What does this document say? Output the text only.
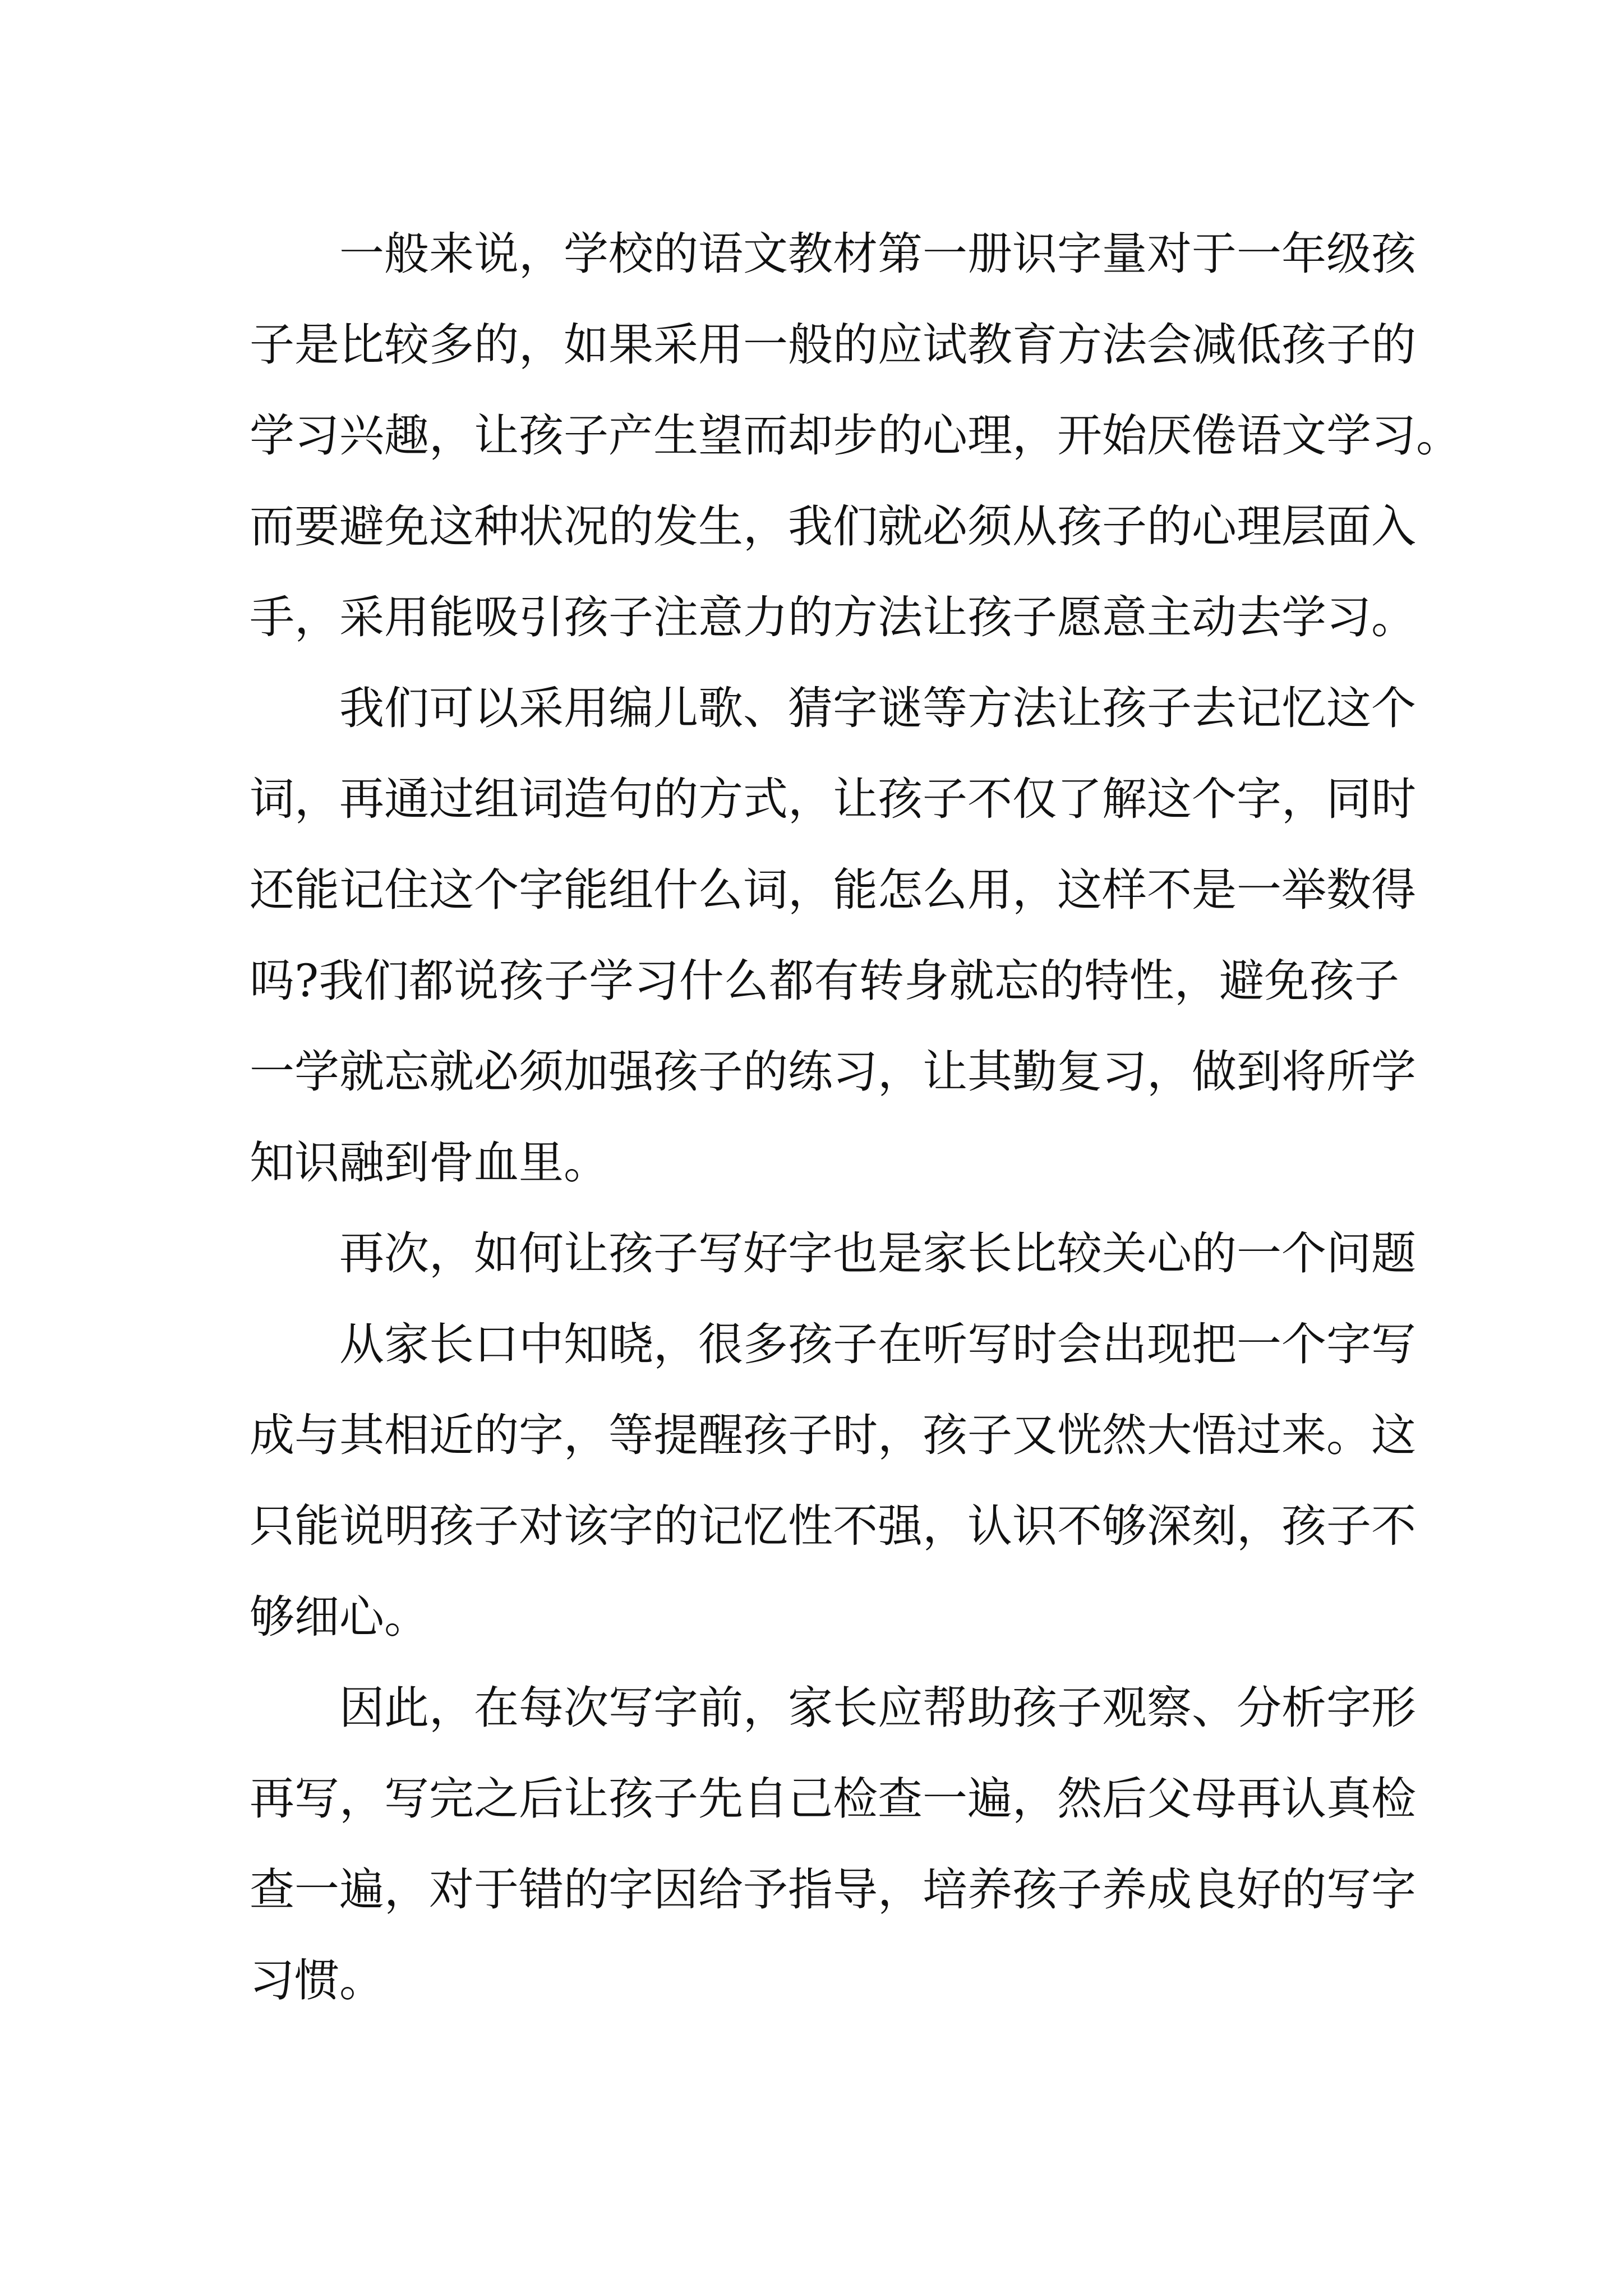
一般来说，学校的语文教材第一册识字量对于一年级孩
子是比较多的，如果采用一般的应试教育方法会减低孩子的
学习兴趣，让孩子产生望而却步的心理，开始厌倦语文学习。
而要避免这种状况的发生，我们就必须从孩子的心理层面入
手，采用能吸引孩子注意力的方法让孩子愿意主动去学习。
我们可以采用编儿歌、猜字谜等方法让孩子去记忆这个
词，再通过组词造句的方式，让孩子不仅了解这个字，同时
还能记住这个字能组什么词，能怎么用，这样不是一举数得
吗?我们都说孩子学习什么都有转身就忘的特性，避免孩子
一学就忘就必须加强孩子的练习，让其勤复习，做到将所学
知识融到骨血里。
再次，如何让孩子写好字也是家长比较关心的一个问题
从家长口中知晓，很多孩子在听写时会出现把一个字写
成与其相近的字，等提醒孩子时，孩子又恍然大悟过来。这
只能说明孩子对该字的记忆性不强，认识不够深刻，孩子不
够细心。
因此，在每次写字前，家长应帮助孩子观察、分析字形
再写，写完之后让孩子先自己检查一遍，然后父母再认真检
查一遍，对于错的字因给予指导，培养孩子养成良好的写字
习惯。
